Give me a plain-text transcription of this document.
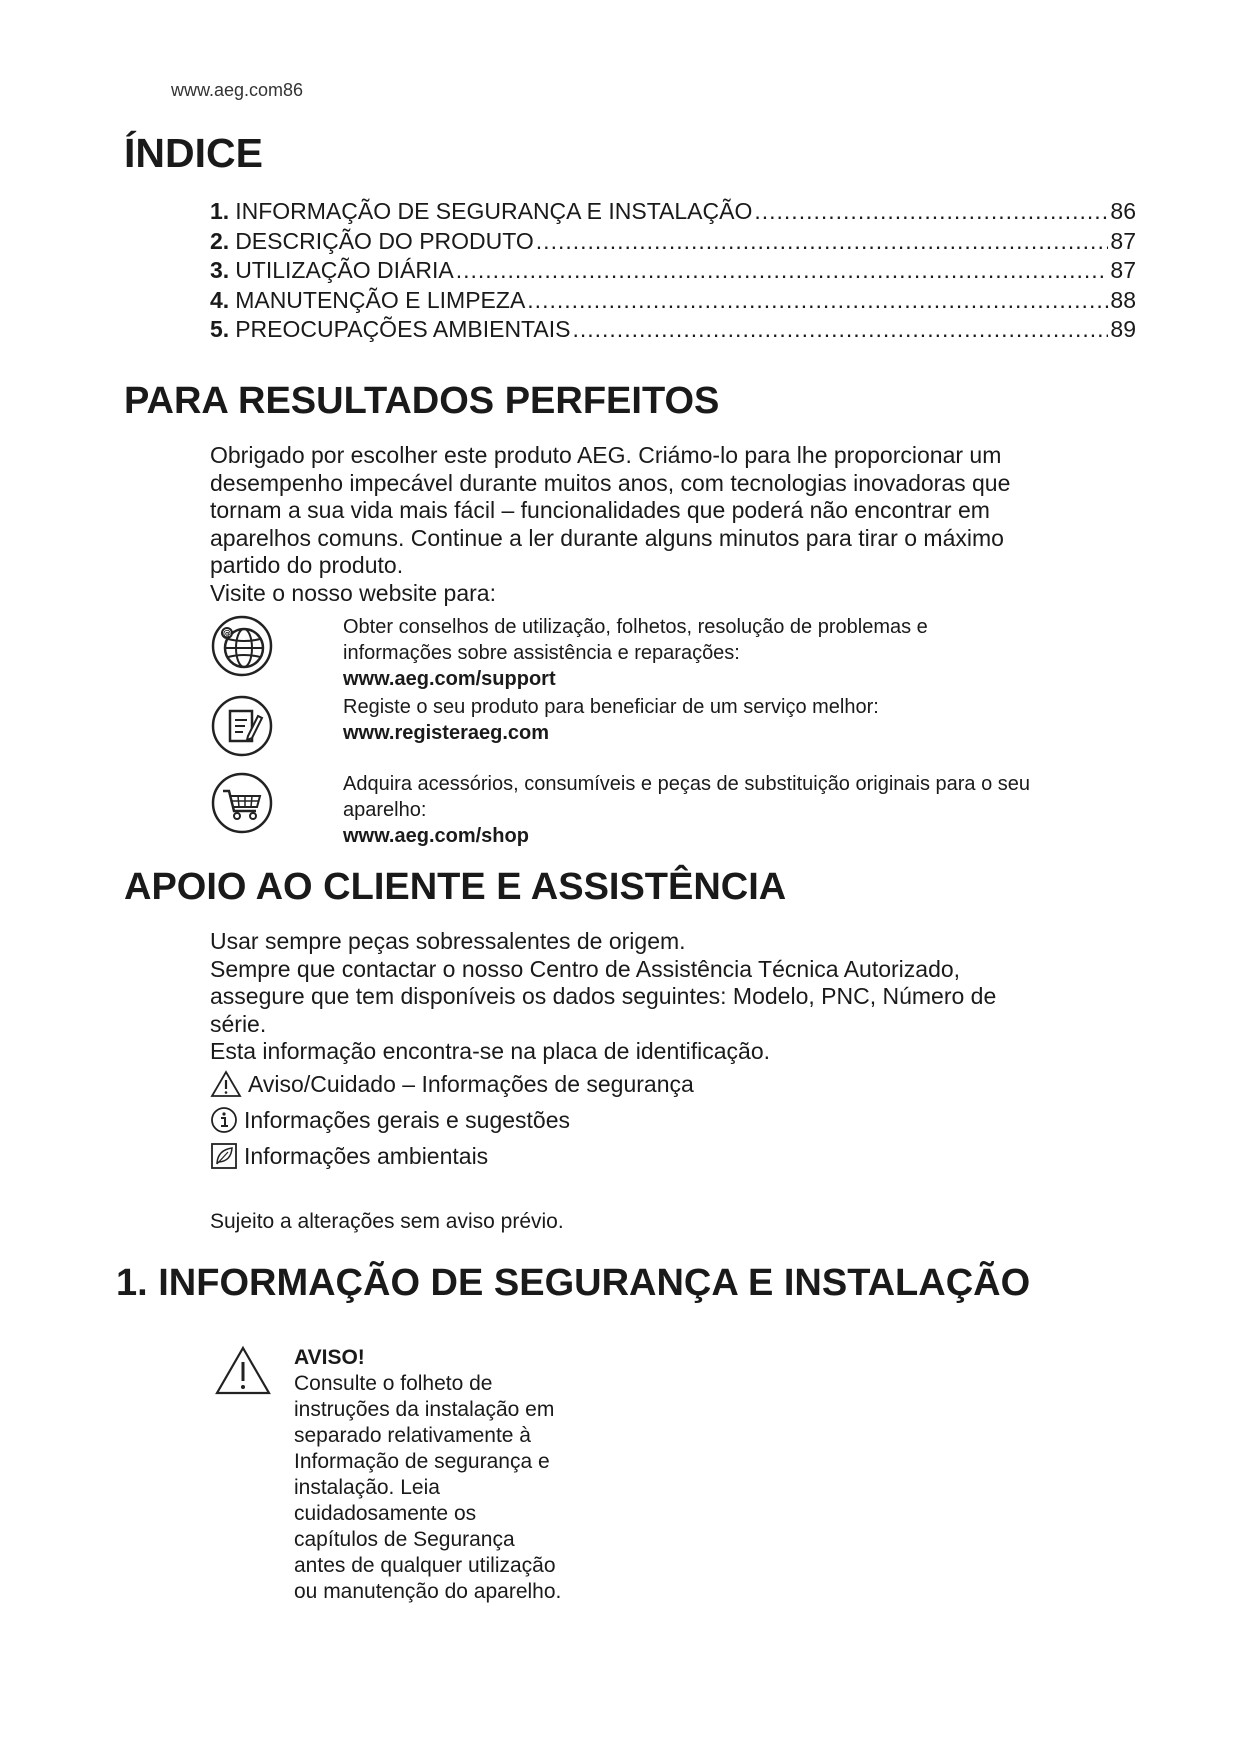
www.aeg.com86
ÍNDICE
1. INFORMAÇÃO DE SEGURANÇA E INSTALAÇÃO .....	86
2. DESCRIÇÃO DO PRODUTO .....	87
3. UTILIZAÇÃO DIÁRIA .....	87
4. MANUTENÇÃO E LIMPEZA .....	88
5. PREOCUPAÇÕES AMBIENTAIS .....	89
PARA RESULTADOS PERFEITOS
Obrigado por escolher este produto AEG. Criámo-lo para lhe proporcionar um
desempenho impecável durante muitos anos, com tecnologias inovadoras que
tornam a sua vida mais fácil – funcionalidades que poderá não encontrar em
aparelhos comuns. Continue a ler durante alguns minutos para tirar o máximo
partido do produto.
Visite o nosso website para:
@	Obter conselhos de utilização, folhetos, resolução de problemas e
informações sobre assistência e reparações:
www.aeg.com/support
Registe o seu produto para beneficiar de um serviço melhor:
www.registeraeg.com
Adquira acessórios, consumíveis e peças de substituição originais para o seu
aparelho:
www.aeg.com/shop
APOIO AO CLIENTE E ASSISTÊNCIA
Usar sempre peças sobressalentes de origem.
Sempre que contactar o nosso Centro de Assistência Técnica Autorizado,
assegure que tem disponíveis os dados seguintes: Modelo, PNC, Número de
série.
Esta informação encontra-se na placa de identificação.
Aviso/Cuidado – Informações de segurança
Informações gerais e sugestões
Informações ambientais
Sujeito a alterações sem aviso prévio.
1. INFORMAÇÃO DE SEGURANÇA E INSTALAÇÃO
AVISO!
Consulte o folheto de
instruções da instalação em
separado relativamente à
Informação de segurança e
instalação. Leia
cuidadosamente os
capítulos de Segurança
antes de qualquer utilização
ou manutenção do aparelho.
